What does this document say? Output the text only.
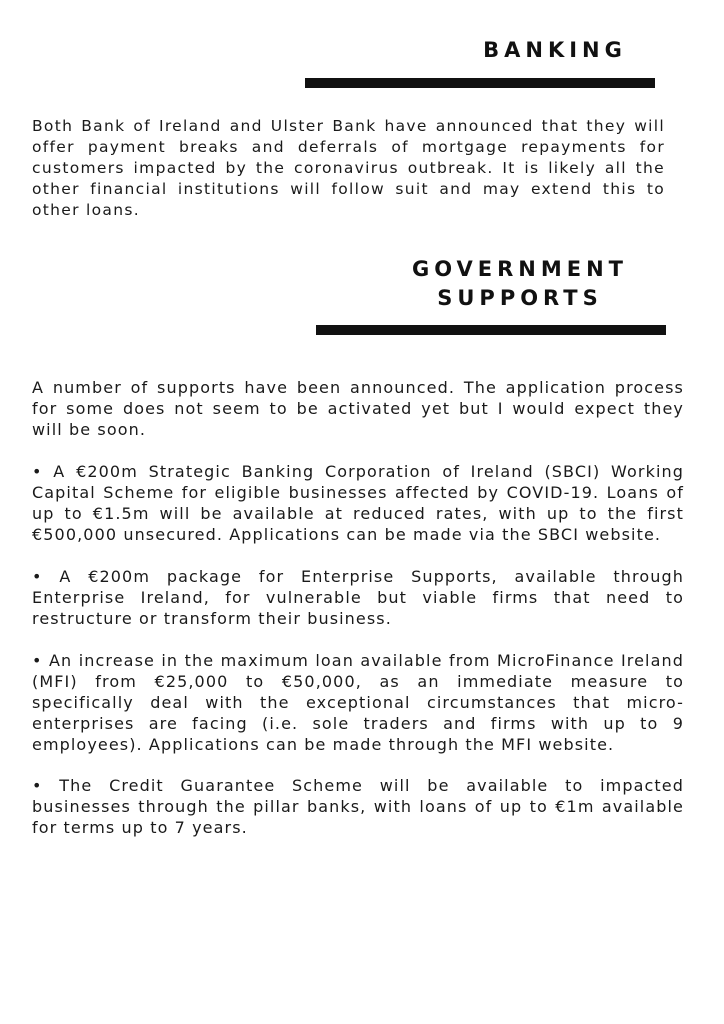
BANKING

Both Bank of Ireland and Ulster Bank have announced that they will offer payment breaks and deferrals of mortgage repayments for customers impacted by the coronavirus outbreak. It is likely all the other financial institutions will follow suit and may extend this to other loans.

GOVERNMENT
SUPPORTS

A number of supports have been announced. The application process for some does not seem to be activated yet but I would expect they will be soon.

• A €200m Strategic Banking Corporation of Ireland (SBCI) Working Capital Scheme for eligible businesses affected by COVID-19. Loans of up to €1.5m will be available at reduced rates, with up to the first €500,000 unsecured. Applications can be made via the SBCI website.

• A €200m package for Enterprise Supports, available through Enterprise Ireland, for vulnerable but viable firms that need to restructure or transform their business.

• An increase in the maximum loan available from MicroFinance Ireland (MFI) from €25,000 to €50,000, as an immediate measure to specifically deal with the exceptional circumstances that micro-enterprises are facing (i.e. sole traders and firms with up to 9 employees). Applications can be made through the MFI website.

• The Credit Guarantee Scheme will be available to impacted businesses through the pillar banks, with loans of up to €1m available for terms up to 7 years.
